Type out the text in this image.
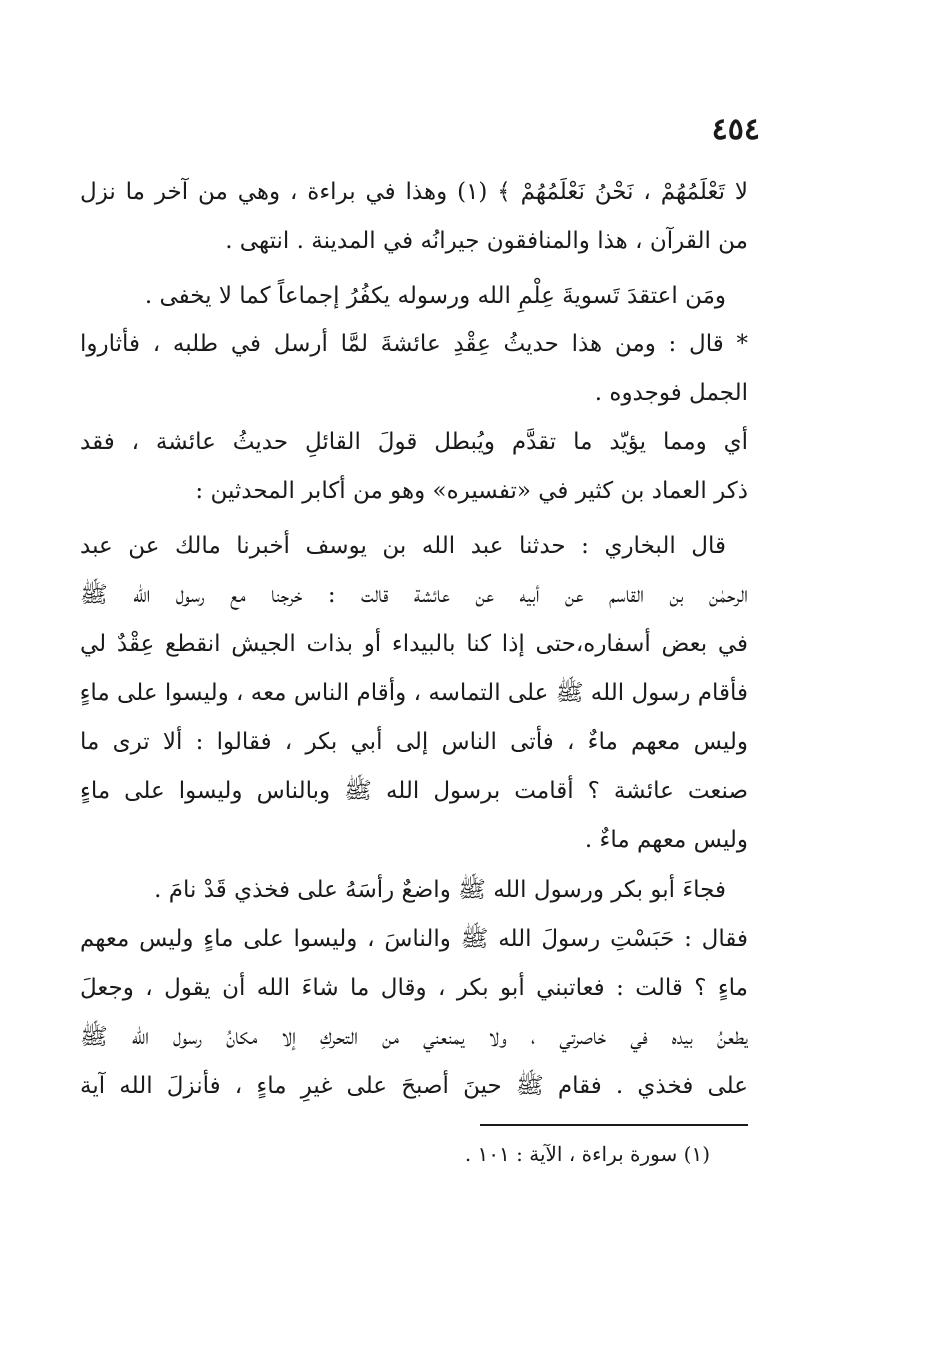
٤٥٤
لا تَعْلَمُهُمْ ، نَحْنُ نَعْلَمُهُمْ ﴾ (١) وهذا في براءة ، وهي من آخر ما نزل
من القرآن ، هذا والمنافقون جيرانُه في المدينة . انتهى .
ومَن اعتقدَ تَسويةَ عِلْمِ الله ورسوله يكفُرُ إجماعاً كما لا يخفى .
* قال : ومن هذا حديثُ عِقْدِ عائشةَ لمَّا أرسل في طلبه ، فأثاروا
الجمل فوجدوه .
أي ومما يؤيّد ما تقدَّم ويُبطل قولَ القائلِ حديثُ عائشة ، فقد
ذكر العماد بن كثير في «تفسيره» وهو من أكابر المحدثين :
قال البخاري : حدثنا عبد الله بن يوسف أخبرنا مالك عن عبد
الرحمٰن بن القاسم عن أبيه عن عائشة قالت : خرجنا مع رسول الله ﷺ
في بعض أسفاره،حتى إذا كنا بالبيداء أو بذات الجيش انقطع عِقْدٌ لي
فأقام رسول الله ﷺ على التماسه ، وأقام الناس معه ، وليسوا على ماءٍ
وليس معهم ماءٌ ، فأتى الناس إلى أبي بكر ، فقالوا : ألا ترى ما
صنعت عائشة ؟ أقامت برسول الله ﷺ وبالناس وليسوا على ماءٍ
وليس معهم ماءٌ .
فجاءَ أبو بكر ورسول الله ﷺ واضعٌ رأسَهُ على فخذي قَدْ نامَ .
فقال : حَبَسْتِ رسولَ الله ﷺ والناسَ ، وليسوا على ماءٍ وليس معهم
ماءٍ ؟ قالت : فعاتبني أبو بكر ، وقال ما شاءَ الله أن يقول ، وجعلَ
يطعنُ بيده في خاصرتي ، ولا يمنعني من التحركِ إلا مكانُ رسول الله ﷺ
على فخذي . فقام ﷺ حينَ أصبحَ على غيرِ ماءٍ ، فأنزلَ الله آية
(١) سورة براءة ، الآية : ١٠١ .
